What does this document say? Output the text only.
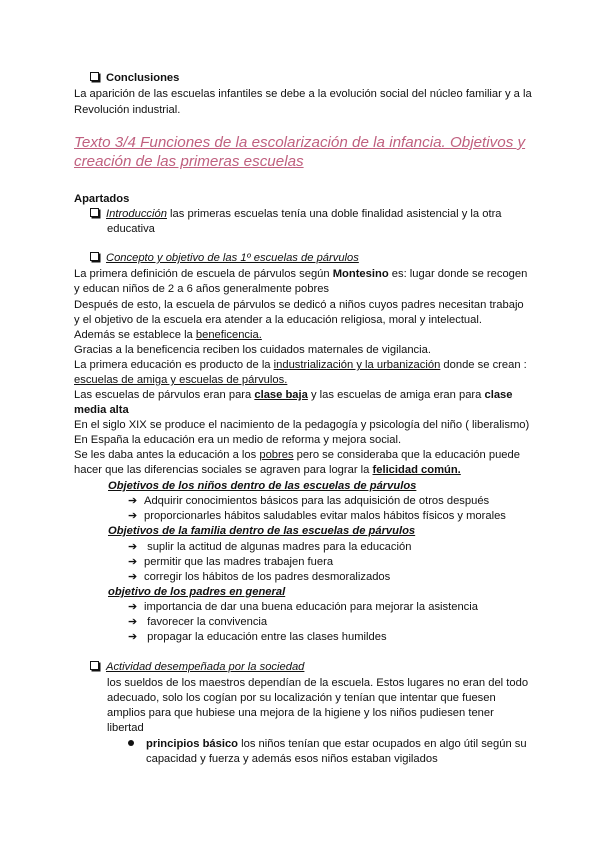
Conclusiones
La aparición de las escuelas infantiles se debe a la evolución social del núcleo familiar y a la
Revolución industrial.
Texto 3/4 Funciones de la escolarización de la infancia. Objetivos y
creación de las primeras escuelas
Apartados
Introducción las primeras escuelas tenía una doble finalidad asistencial y la otra
educativa
Concepto y objetivo de las 1º escuelas de párvulos
La primera definición de escuela de párvulos según Montesino es: lugar donde se recogen
y educan niños de 2 a 6 años generalmente pobres
Después de esto, la escuela de párvulos se dedicó a niños cuyos padres necesitan trabajo
y el objetivo de la escuela era atender a la educación religiosa, moral y intelectual.
Además se establece la beneficencia.
Gracias a la beneficencia reciben los cuidados maternales de vigilancia.
La primera educación es producto de la industrialización y la urbanización donde se crean :
escuelas de amiga y escuelas de párvulos.
Las escuelas de párvulos eran para clase baja y las escuelas de amiga eran para clase
media alta
En el siglo XIX se produce el nacimiento de la pedagogía y psicología del niño ( liberalismo)
En España la educación era un medio de reforma y mejora social.
Se les daba antes la educación a los pobres pero se consideraba que la educación puede
hacer que las diferencias sociales se agraven para lograr la felicidad común.
Objetivos de los niños dentro de las escuelas de párvulos
➔ Adquirir conocimientos básicos para las adquisición de otros después
➔ proporcionarles hábitos saludables evitar malos hábitos físicos y morales
Objetivos de la familia dentro de las escuelas de párvulos
➔ suplir la actitud de algunas madres para la educación
➔ permitir que las madres trabajen fuera
➔ corregir los hábitos de los padres desmoralizados
objetivo de los padres en general
➔ importancia de dar una buena educación para mejorar la asistencia
➔ favorecer la convivencia
➔ propagar la educación entre las clases humildes
Actividad desempeñada por la sociedad
los sueldos de los maestros dependían de la escuela. Estos lugares no eran del todo
adecuado, solo los cogían por su localización y tenían que intentar que fuesen
amplios para que hubiese una mejora de la higiene y los niños pudiesen tener
libertad
principios básico los niños tenían que estar ocupados en algo útil según su
capacidad y fuerza y además esos niños estaban vigilados
